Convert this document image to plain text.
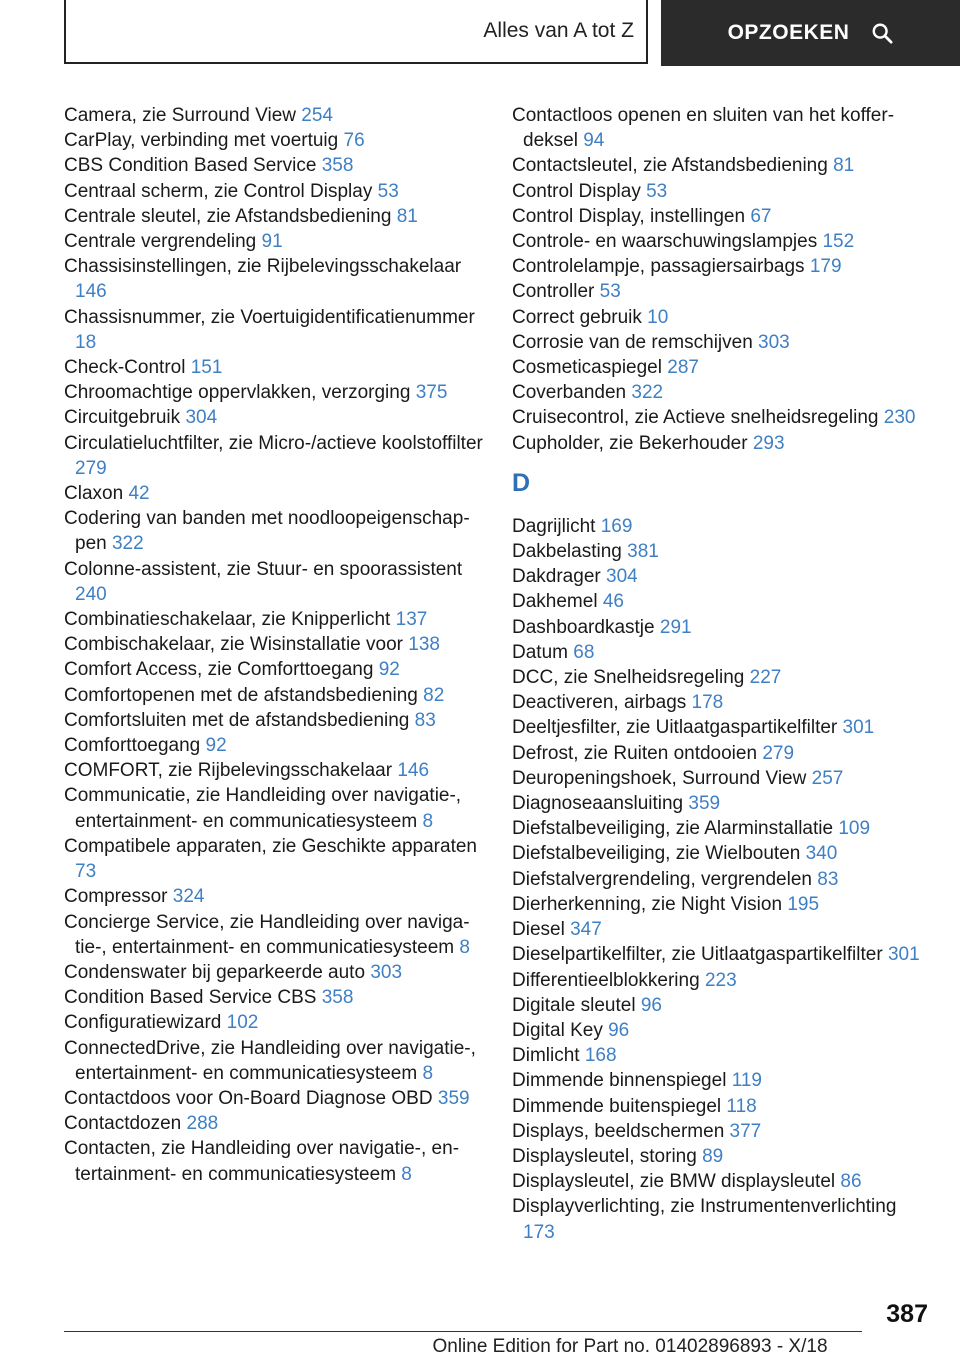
Alles van A tot Z	OPZOEKEN
Camera, zie Surround View 254
CarPlay, verbinding met voertuig 76
CBS Condition Based Service 358
Centraal scherm, zie Control Display 53
Centrale sleutel, zie Afstandsbediening 81
Centrale vergrendeling 91
Chassisinstellingen, zie Rijbelevingsschakelaar 146
Chassisnummer, zie Voertuigidentificatienummer 18
Check-Control 151
Chroomachtige oppervlakken, verzorging 375
Circuitgebruik 304
Circulatieluchtfilter, zie Micro-/actieve koolstoffilter 279
Claxon 42
Codering van banden met noodloopeigenschappen 322
Colonne-assistent, zie Stuur- en spoorassistent 240
Combinatieschakelaar, zie Knipperlicht 137
Combischakelaar, zie Wisinstallatie voor 138
Comfort Access, zie Comforttoegang 92
Comfortopenen met de afstandsbediening 82
Comfortsluiten met de afstandsbediening 83
Comforttoegang 92
COMFORT, zie Rijbelevingsschakelaar 146
Communicatie, zie Handleiding over navigatie-, entertainment- en communicatiesysteem 8
Compatibele apparaten, zie Geschikte apparaten 73
Compressor 324
Concierge Service, zie Handleiding over navigatie-, entertainment- en communicatiesysteem 8
Condenswater bij geparkeerde auto 303
Condition Based Service CBS 358
Configuratiewizard 102
ConnectedDrive, zie Handleiding over navigatie-, entertainment- en communicatiesysteem 8
Contactdoos voor On-Board Diagnose OBD 359
Contactdozen 288
Contacten, zie Handleiding over navigatie-, entertainment- en communicatiesysteem 8
Contactloos openen en sluiten van het kofferdeksel 94
Contactsleutel, zie Afstandsbediening 81
Control Display 53
Control Display, instellingen 67
Controle- en waarschuwingslampjes 152
Controlelampje, passagiersairbags 179
Controller 53
Correct gebruik 10
Corrosie van de remschijven 303
Cosmeticaspiegel 287
Coverbanden 322
Cruisecontrol, zie Actieve snelheidsregeling 230
Cupholder, zie Bekerhouder 293
D
Dagrijlicht 169
Dakbelasting 381
Dakdrager 304
Dakhemel 46
Dashboardkastje 291
Datum 68
DCC, zie Snelheidsregeling 227
Deactiveren, airbags 178
Deeltjesfilter, zie Uitlaatgaspartikelfilter 301
Defrost, zie Ruiten ontdooien 279
Deuropeningshoek, Surround View 257
Diagnoseaansluiting 359
Diefstalbeveiliging, zie Alarminstallatie 109
Diefstalbeveiliging, zie Wielbouten 340
Diefstalvergrendeling, vergrendelen 83
Dierherkenning, zie Night Vision 195
Diesel 347
Dieselpartikelfilter, zie Uitlaatgaspartikelfilter 301
Differentieelblokkering 223
Digitale sleutel 96
Digital Key 96
Dimlicht 168
Dimmende binnenspiegel 119
Dimmende buitenspiegel 118
Displays, beeldschermen 377
Displaysleutel, storing 89
Displaysleutel, zie BMW displaysleutel 86
Displayverlichting, zie Instrumentenverlichting 173
387
Online Edition for Part no. 01402896893 - X/18
